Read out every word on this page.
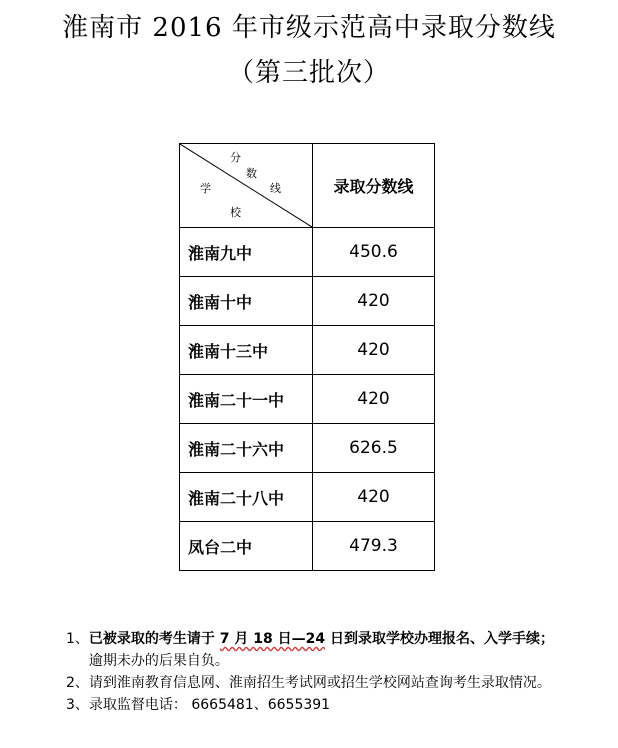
淮南市 2016 年市级示范高中录取分数线
（第三批次）
分
数
线
学
校	录取分数线
淮南九中	450.6
淮南十中	420
淮南十三中	420
淮南二十一中	420
淮南二十六中	626.5
淮南二十八中	420
凤台二中	479.3
1、 已被录取的考生请于 7 月 18 日—24 日到录取学校办理报名、入学手续；
逾期未办的后果自负。
2、 请到淮南教育信息网、淮南招生考试网或招生学校网站查询考生录取情况。
3、 录取监督电话： 6665481、6655391
